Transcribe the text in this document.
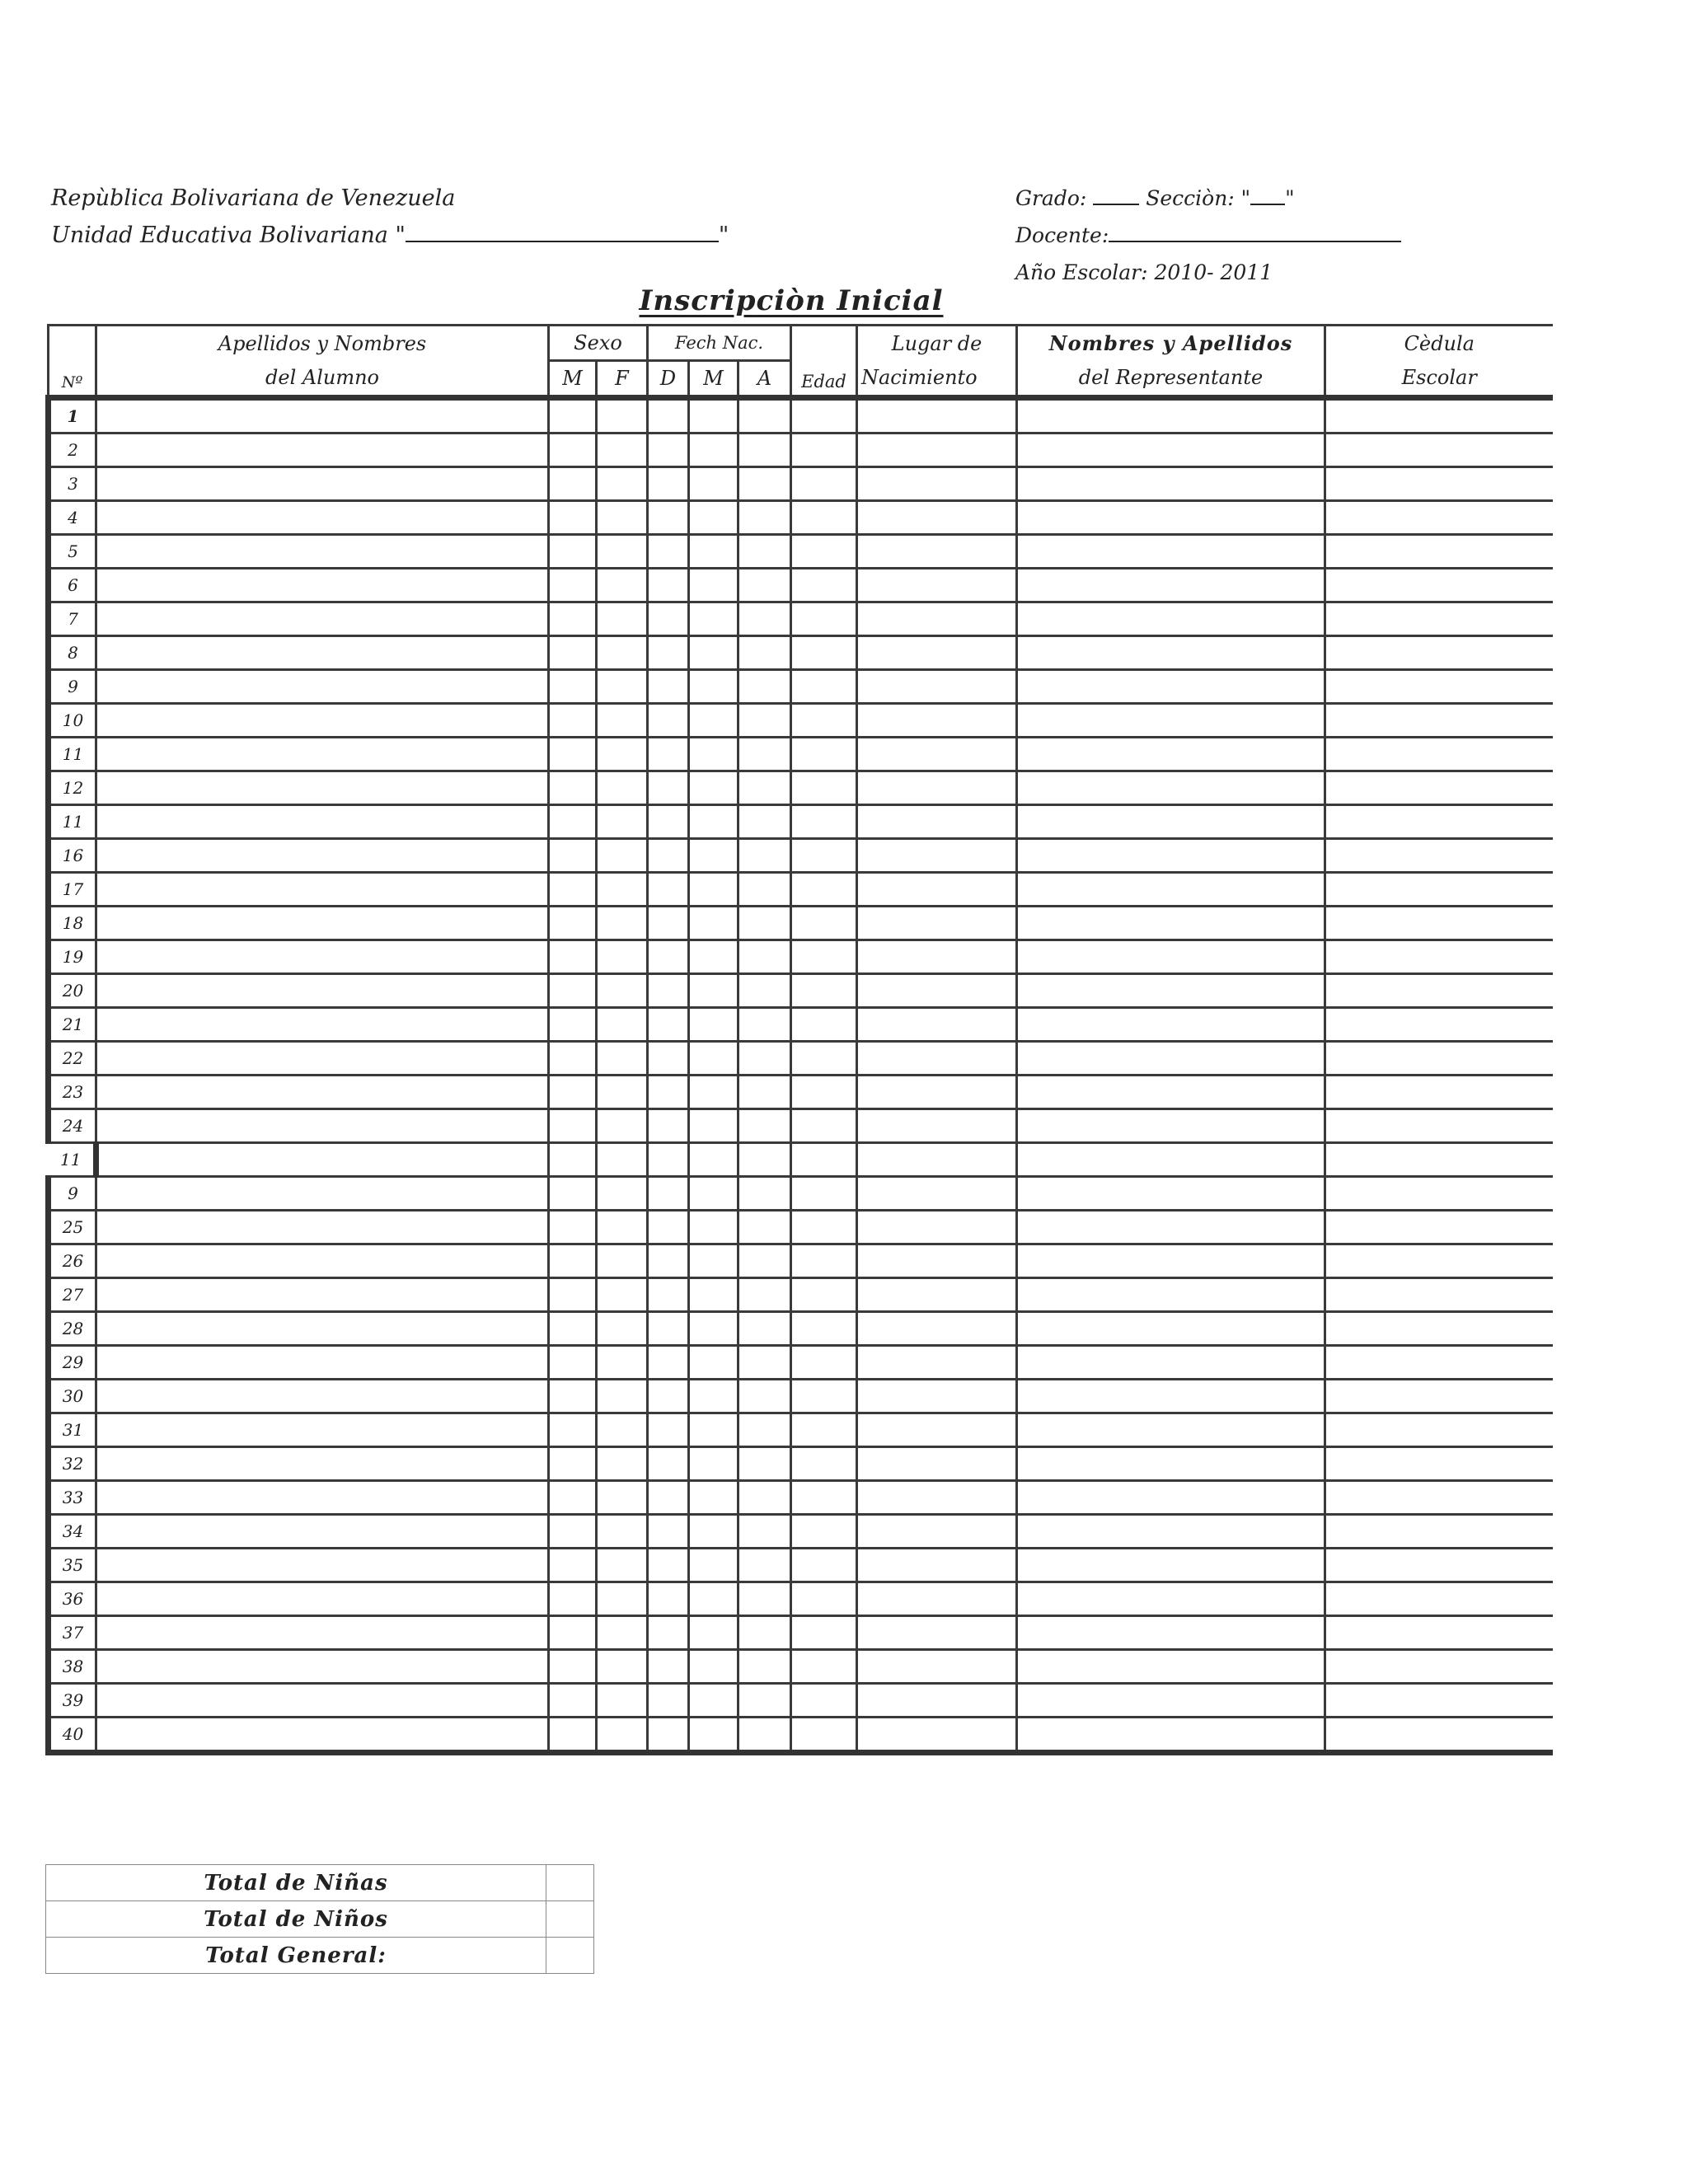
Repùblica Bolivariana de Venezuela
Unidad Educativa Bolivariana "	"
Grado:	Secciòn: " "
Docente:
Año Escolar: 2010- 2011
Inscripciòn Inicial
Nº	Apellidos y Nombres	Sexo		Fech Nac.			Edad	Lugar de	Nombres y Apellidos	Cèdula
	del Alumno	M	F	D	M	A		Nacimiento	del Representante	Escolar
1										
2										
3										
4										
5										
6										
7										
8										
9										
10										
11										
12										
11										
16										
17										
18										
19										
20										
21										
22										
23										
24										
11										
9										
25										
26										
27										
28										
29										
30										
31										
32										
33										
34										
35										
36										
37										
38										
39										
40										
Total de Niñas	
Total de Niños	
Total General:	
